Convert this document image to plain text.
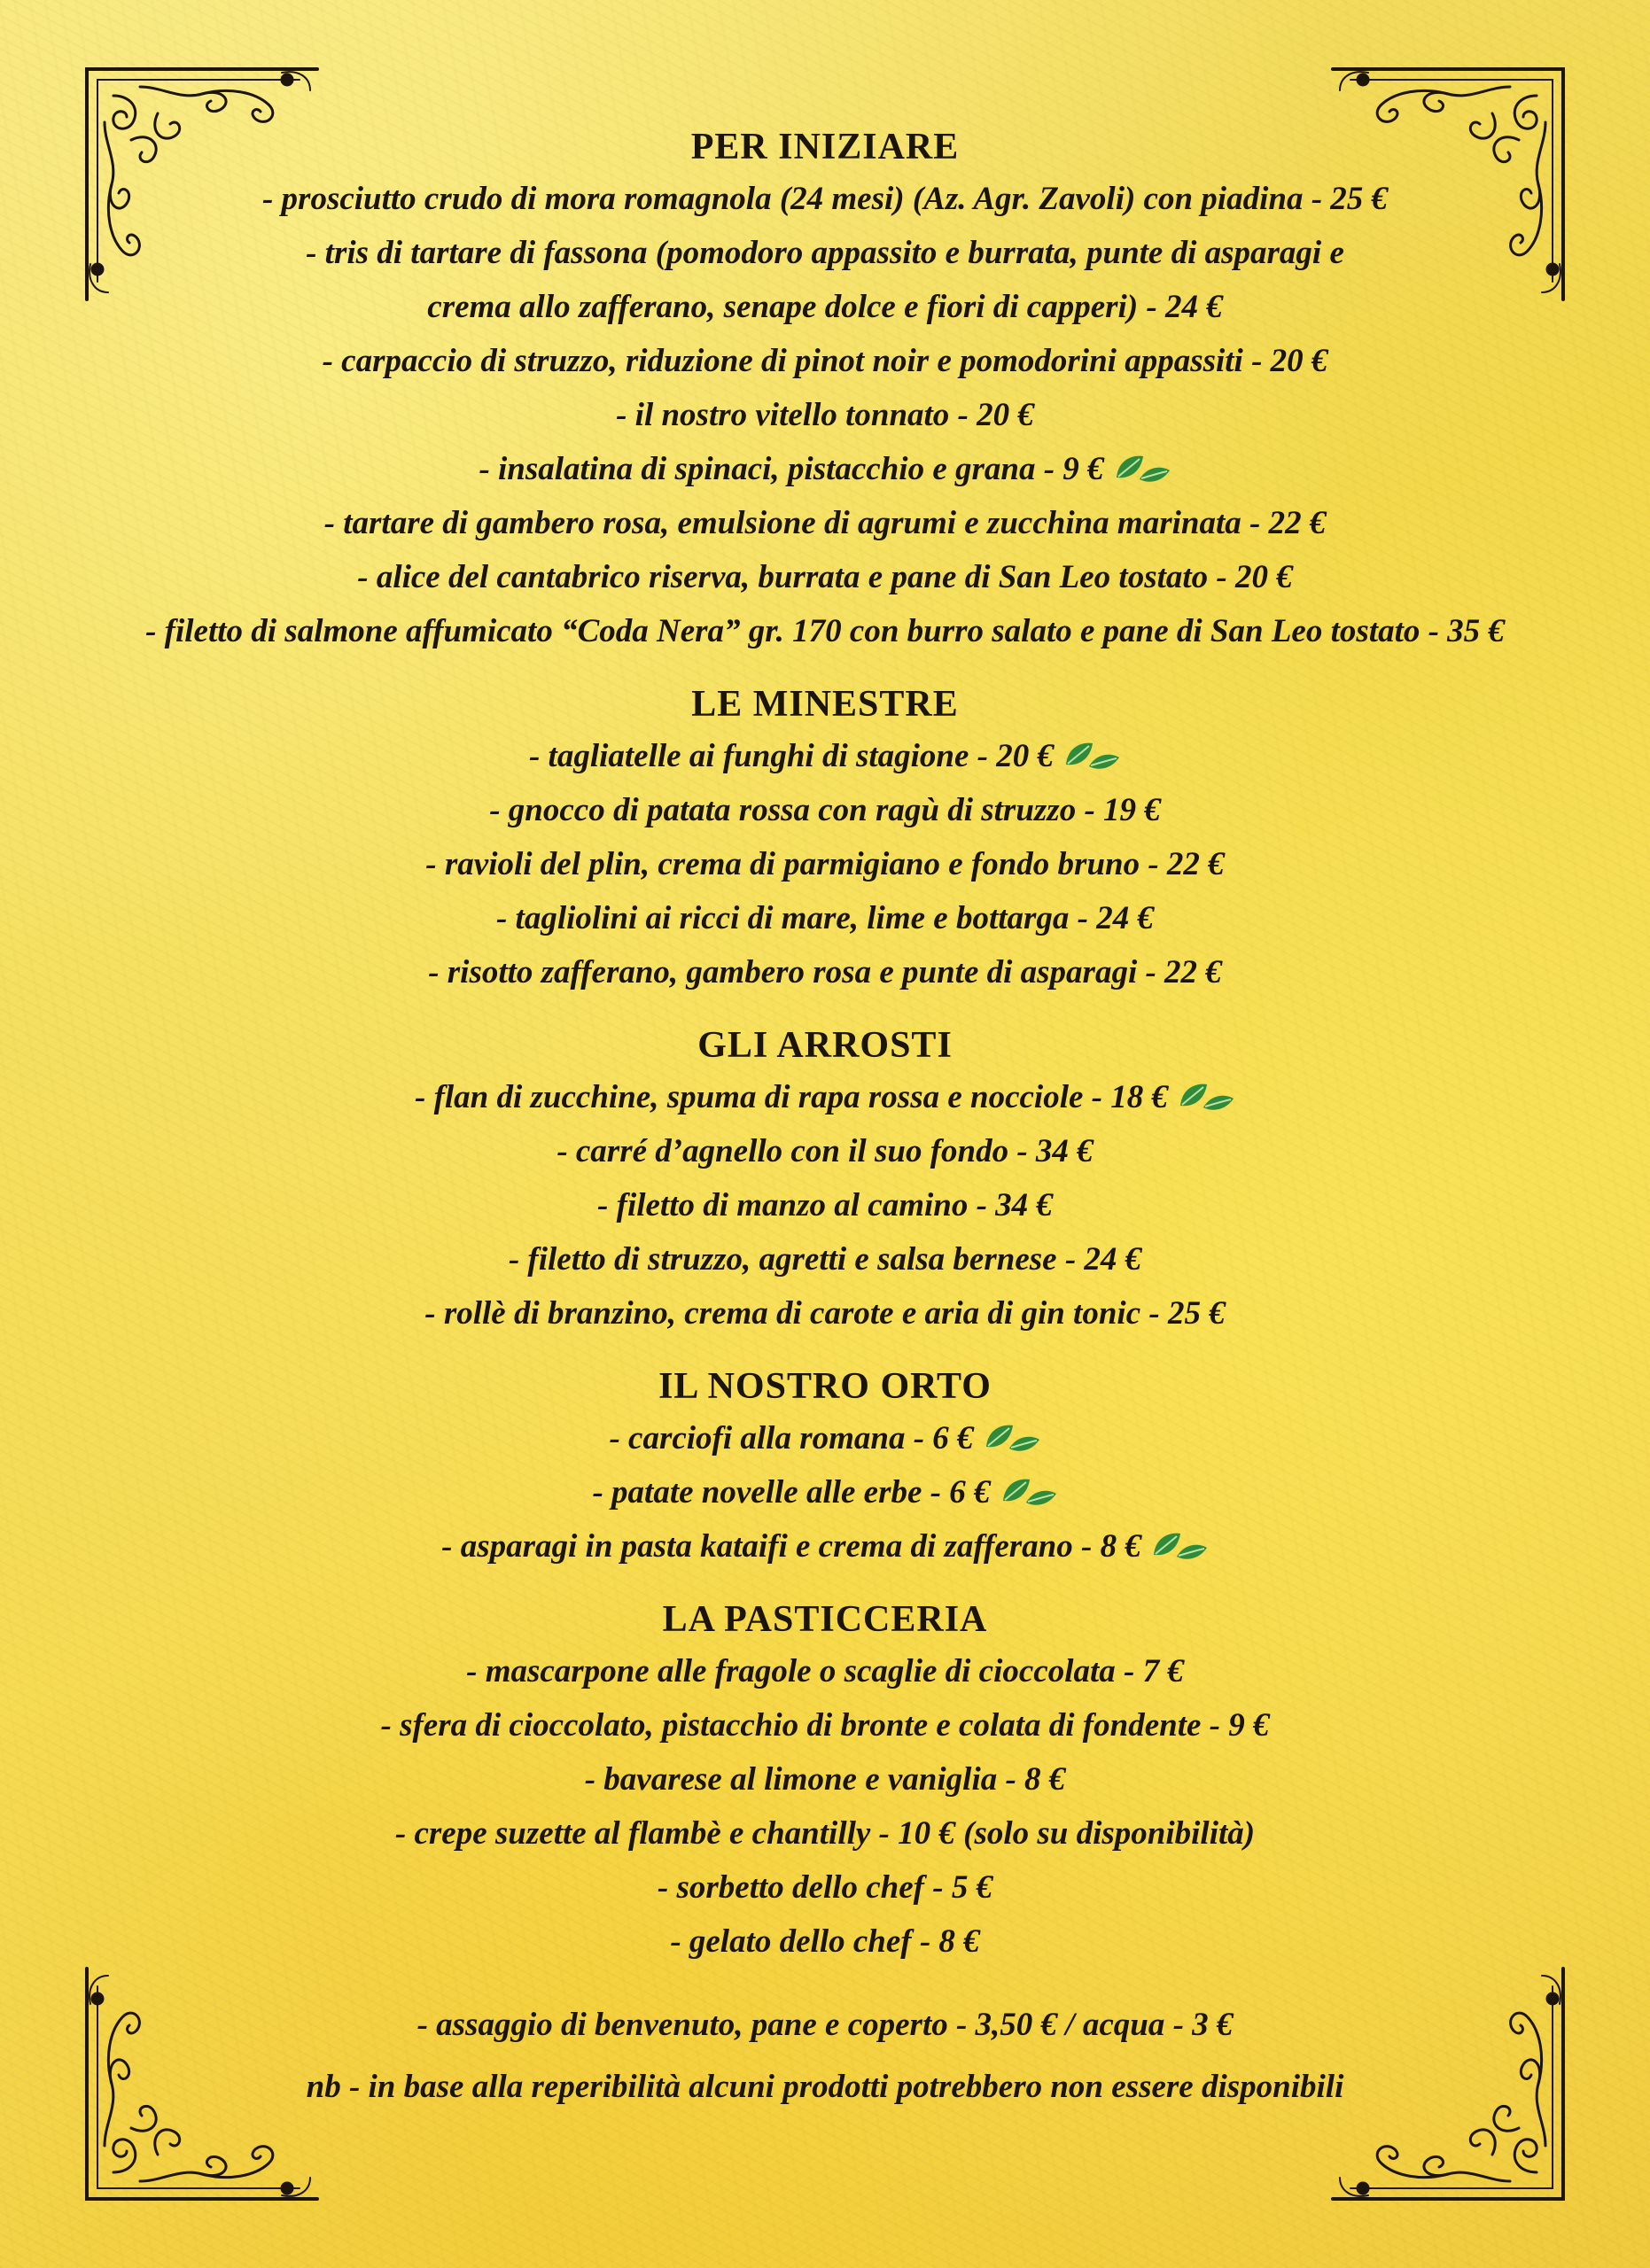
PER INIZIARE

- prosciutto crudo di mora romagnola (24 mesi) (Az. Agr. Zavoli) con piadina - 25 €

- tris di tartare di fassona (pomodoro appassito e burrata, punte di asparagi e crema allo zafferano, senape dolce e fiori di capperi) - 24 €

- carpaccio di struzzo, riduzione di pinot noir e pomodorini appassiti - 20 €

- il nostro vitello tonnato - 20 €

- insalatina di spinaci, pistacchio e grana - 9 €

- tartare di gambero rosa, emulsione di agrumi e zucchina marinata - 22 €

- alice del cantabrico riserva, burrata e pane di San Leo tostato - 20 €

- filetto di salmone affumicato “Coda Nera” gr. 170 con burro salato e pane di San Leo tostato - 35 €

LE MINESTRE

- tagliatelle ai funghi di stagione - 20 €

- gnocco di patata rossa con ragù di struzzo - 19 €

- ravioli del plin, crema di parmigiano e fondo bruno - 22 €

- tagliolini ai ricci di mare, lime e bottarga - 24 €

- risotto zafferano, gambero rosa e punte di asparagi - 22 €

GLI ARROSTI

- flan di zucchine, spuma di rapa rossa e nocciole - 18 €

- carré d’agnello con il suo fondo - 34 €

- filetto di manzo al camino - 34 €

- filetto di struzzo, agretti e salsa bernese - 24 €

- rollè di branzino, crema di carote e aria di gin tonic - 25 €

IL NOSTRO ORTO

- carciofi alla romana - 6 €

- patate novelle alle erbe - 6 €

- asparagi in pasta kataifi e crema di zafferano - 8 €

LA PASTICCERIA

- mascarpone alle fragole o scaglie di cioccolata - 7 €

- sfera di cioccolato, pistacchio di bronte e colata di fondente - 9 €

- bavarese al limone e vaniglia - 8 €

- crepe suzette al flambè e chantilly - 10 € (solo su disponibilità)

- sorbetto dello chef - 5 €

- gelato dello chef - 8 €

- assaggio di benvenuto, pane e coperto - 3,50 € / acqua - 3 €

nb - in base alla reperibilità alcuni prodotti potrebbero non essere disponibili
